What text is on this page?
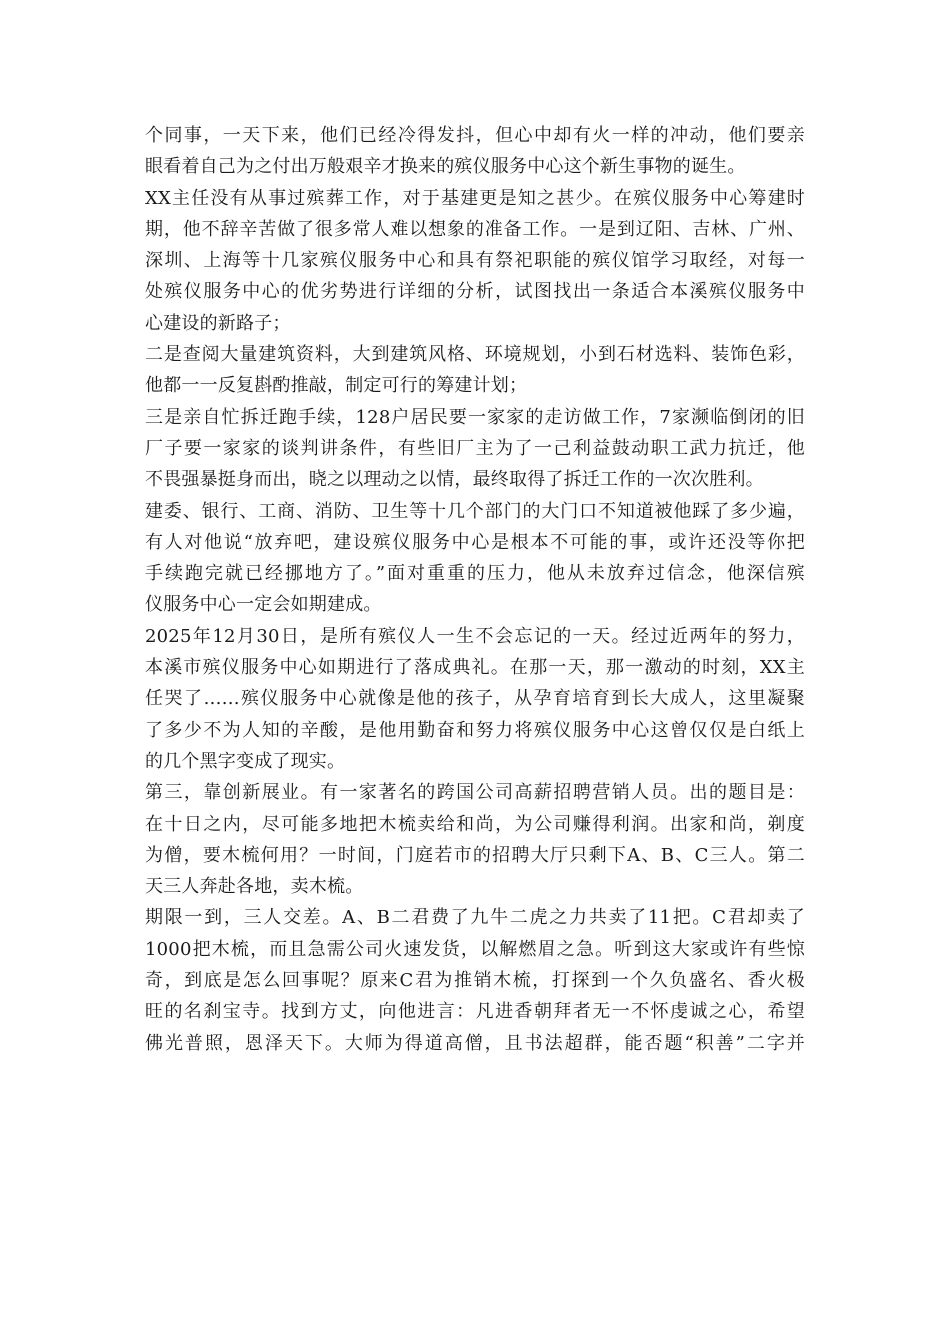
个同事，一天下来，他们已经冷得发抖，但心中却有火一样的冲动，他们要亲
眼看着自己为之付出万般艰辛才换来的殡仪服务中心这个新生事物的诞生。
XX主任没有从事过殡葬工作，对于基建更是知之甚少。在殡仪服务中心筹建时
期，他不辞辛苦做了很多常人难以想象的准备工作。一是到辽阳、吉林、广州、
深圳、上海等十几家殡仪服务中心和具有祭祀职能的殡仪馆学习取经，对每一
处殡仪服务中心的优劣势进行详细的分析，试图找出一条适合本溪殡仪服务中
心建设的新路子；
二是查阅大量建筑资料，大到建筑风格、环境规划，小到石材选料、装饰色彩，
他都一一反复斟酌推敲，制定可行的筹建计划；
三是亲自忙拆迁跑手续，128户居民要一家家的走访做工作，7家濒临倒闭的旧
厂子要一家家的谈判讲条件，有些旧厂主为了一己利益鼓动职工武力抗迁，他
不畏强暴挺身而出，晓之以理动之以情，最终取得了拆迁工作的一次次胜利。
建委、银行、工商、消防、卫生等十几个部门的大门口不知道被他踩了多少遍，
有人对他说“放弃吧，建设殡仪服务中心是根本不可能的事，或许还没等你把
手续跑完就已经挪地方了。”面对重重的压力，他从未放弃过信念，他深信殡
仪服务中心一定会如期建成。
2025年12月30日，是所有殡仪人一生不会忘记的一天。经过近两年的努力，
本溪市殡仪服务中心如期进行了落成典礼。在那一天，那一激动的时刻，XX主
任哭了……殡仪服务中心就像是他的孩子，从孕育培育到长大成人，这里凝聚
了多少不为人知的辛酸，是他用勤奋和努力将殡仪服务中心这曾仅仅是白纸上
的几个黑字变成了现实。
第三，靠创新展业。有一家著名的跨国公司高薪招聘营销人员。出的题目是：
在十日之内，尽可能多地把木梳卖给和尚，为公司赚得利润。出家和尚，剃度
为僧，要木梳何用？一时间，门庭若市的招聘大厅只剩下A、B、C三人。第二
天三人奔赴各地，卖木梳。
期限一到，三人交差。A、B二君费了九牛二虎之力共卖了11把。C君却卖了
1000把木梳，而且急需公司火速发货，以解燃眉之急。听到这大家或许有些惊
奇，到底是怎么回事呢？原来C君为推销木梳，打探到一个久负盛名、香火极
旺的名刹宝寺。找到方丈，向他进言：凡进香朝拜者无一不怀虔诚之心，希望
佛光普照，恩泽天下。大师为得道高僧，且书法超群，能否题“积善”二字并
